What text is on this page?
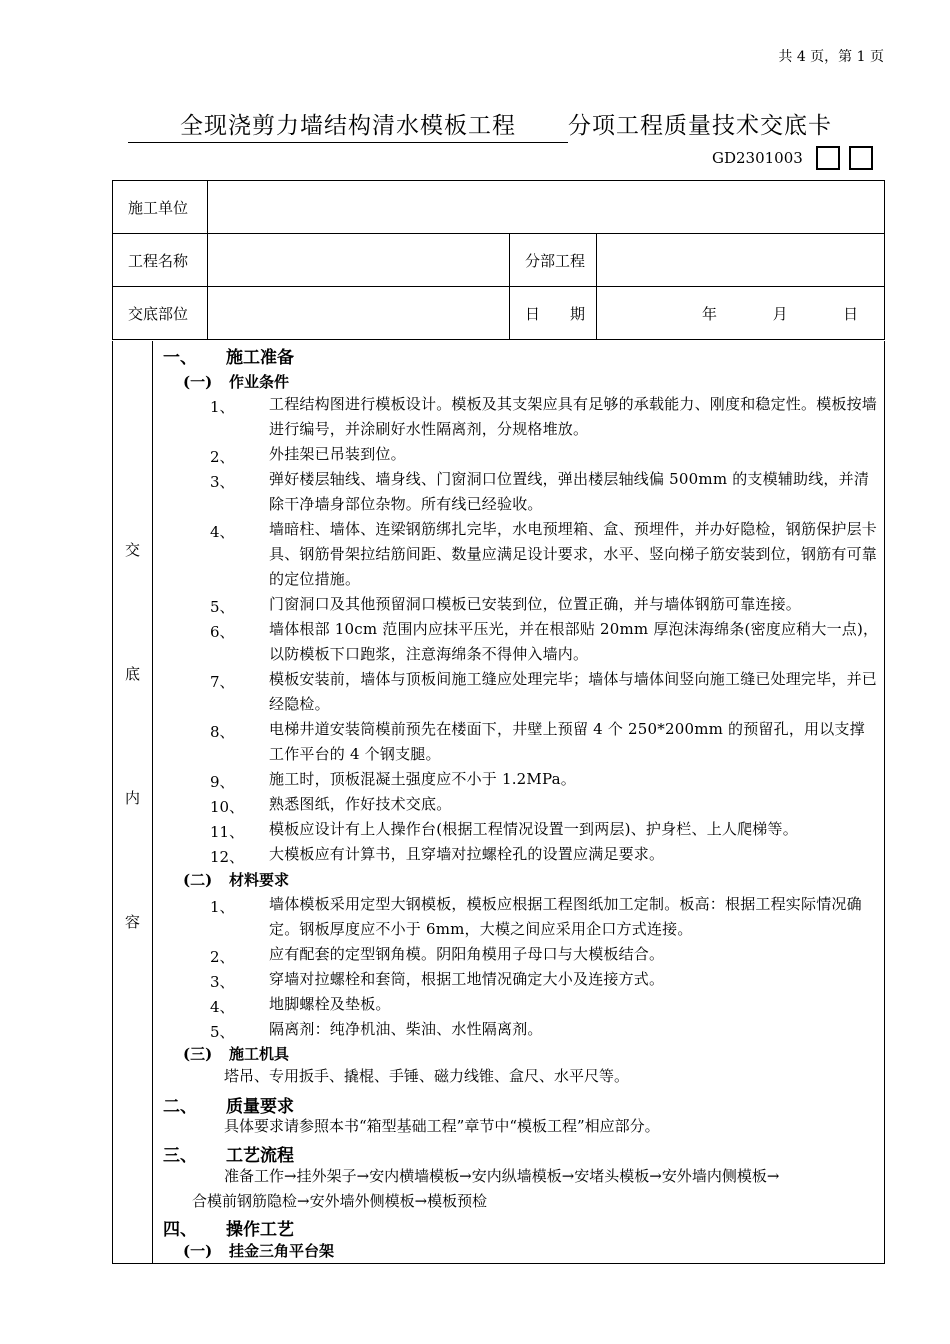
共 4 页，第 1 页
全现浇剪力墙结构清水模板工程 分项工程质量技术交底卡
GD2301003
施工单位			
工程名称		分部工程	
交底部位		日　　期	年 月 日
交
底
内
容
一、 施工准备
(一) 作业条件
1、 工程结构图进行模板设计。模板及其支架应具有足够的承载能力、刚度和稳定性。模板按墙进行编号，并涂刷好水性隔离剂，分规格堆放。
2、 外挂架已吊装到位。
3、 弹好楼层轴线、墙身线、门窗洞口位置线，弹出楼层轴线偏 500mm 的支模辅助线，并清除干净墙身部位杂物。所有线已经验收。
4、 墙暗柱、墙体、连梁钢筋绑扎完毕，水电预埋箱、盒、预埋件，并办好隐检，钢筋保护层卡具、钢筋骨架拉结筋间距、数量应满足设计要求，水平、竖向梯子筋安装到位，钢筋有可靠的定位措施。
5、 门窗洞口及其他预留洞口模板已安装到位，位置正确，并与墙体钢筋可靠连接。
6、 墙体根部 10cm 范围内应抹平压光，并在根部贴 20mm 厚泡沫海绵条(密度应稍大一点)，以防模板下口跑浆，注意海绵条不得伸入墙内。
7、 模板安装前，墙体与顶板间施工缝应处理完毕；墙体与墙体间竖向施工缝已处理完毕，并已经隐检。
8、 电梯井道安装筒模前预先在楼面下，井壁上预留 4 个 250*200mm 的预留孔，用以支撑工作平台的 4 个钢支腿。
9、 施工时，顶板混凝土强度应不小于 1.2MPa。
10、 熟悉图纸，作好技术交底。
11、 模板应设计有上人操作台(根据工程情况设置一到两层)、护身栏、上人爬梯等。
12、 大模板应有计算书，且穿墙对拉螺栓孔的设置应满足要求。
(二) 材料要求
1、 墙体模板采用定型大钢模板，模板应根据工程图纸加工定制。板高：根据工程实际情况确定。钢板厚度应不小于 6mm，大模之间应采用企口方式连接。
2、 应有配套的定型钢角模。阴阳角模用子母口与大模板结合。
3、 穿墙对拉螺栓和套筒，根据工地情况确定大小及连接方式。
4、 地脚螺栓及垫板。
5、 隔离剂：纯净机油、柴油、水性隔离剂。
(三) 施工机具
塔吊、专用扳手、撬棍、手锤、磁力线锥、盒尺、水平尺等。
二、 质量要求
具体要求请参照本书“箱型基础工程”章节中“模板工程”相应部分。
三、 工艺流程
准备工作→挂外架子→安内横墙模板→安内纵墙模板→安堵头模板→安外墙内侧模板→
合模前钢筋隐检→安外墙外侧模板→模板预检
四、 操作工艺
(一) 挂金三角平台架
